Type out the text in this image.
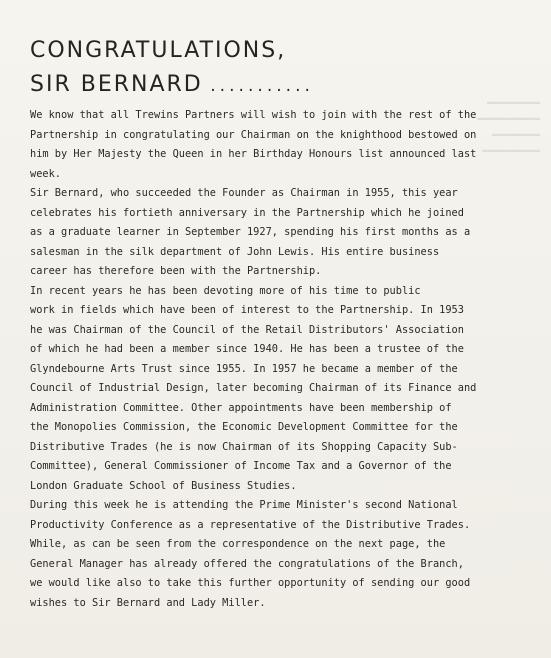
▬▬▬▬▬▬▬▬▬▬▬
▬▬▬▬▬▬▬▬▬▬▬▬▬
▬▬▬▬▬▬▬▬▬▬
▬▬▬▬▬▬▬▬▬▬▬▬
CONGRATULATIONS,
SIR BERNARD ...........
We know that all Trewins Partners will wish to join with the rest of the
Partnership in congratulating our Chairman on the knighthood bestowed on
him by Her Majesty the Queen in her Birthday Honours list announced last
week.
Sir Bernard, who succeeded the Founder as Chairman in 1955, this year
celebrates his fortieth anniversary in the Partnership which he joined
as a graduate learner in September 1927, spending his first months as a
salesman in the silk department of John Lewis. His entire business
career has therefore been with the Partnership.
In recent years he has been devoting more of his time to public
work in fields which have been of interest to the Partnership. In 1953
he was Chairman of the Council of the Retail Distributors' Association
of which he had been a member since 1940. He has been a trustee of the
Glyndebourne Arts Trust since 1955. In 1957 he became a member of the
Council of Industrial Design, later becoming Chairman of its Finance and
Administration Committee. Other appointments have been membership of
the Monopolies Commission, the Economic Development Committee for the
Distributive Trades (he is now Chairman of its Shopping Capacity Sub-
Committee), General Commissioner of Income Tax and a Governor of the
London Graduate School of Business Studies.
During this week he is attending the Prime Minister's second National
Productivity Conference as a representative of the Distributive Trades.
While, as can be seen from the correspondence on the next page, the
General Manager has already offered the congratulations of the Branch,
we would like also to take this further opportunity of sending our good
wishes to Sir Bernard and Lady Miller.
